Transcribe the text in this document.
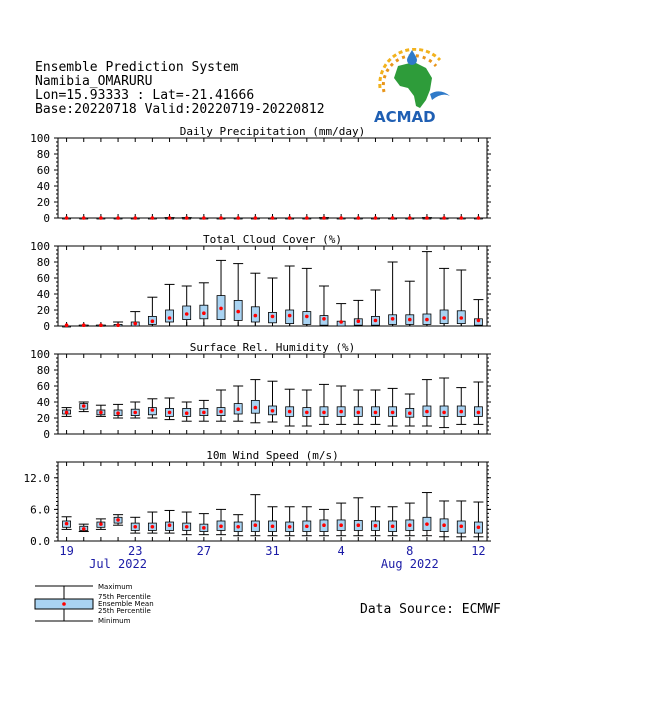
Ensemble Prediction System
Namibia_OMARURU
Lon=15.93333 : Lat=-21.41666
Base:20220718 Valid:20220719-20220812	ACMAD
Daily Precipitation (mm/day)
0
20
40
60
80
100
Total Cloud Cover (%)
0
20
40
60
80
100
Surface Rel. Humidity (%)
0
20
40
60
80
100
10m Wind Speed (m/s)
0.0
6.0
12.0
19	23	27	31	4	8	12
Jul 2022	Aug 2022
Maximum
75th Percentile
Ensemble Mean
25th Percentile
Minimum
Data Source: ECMWF
